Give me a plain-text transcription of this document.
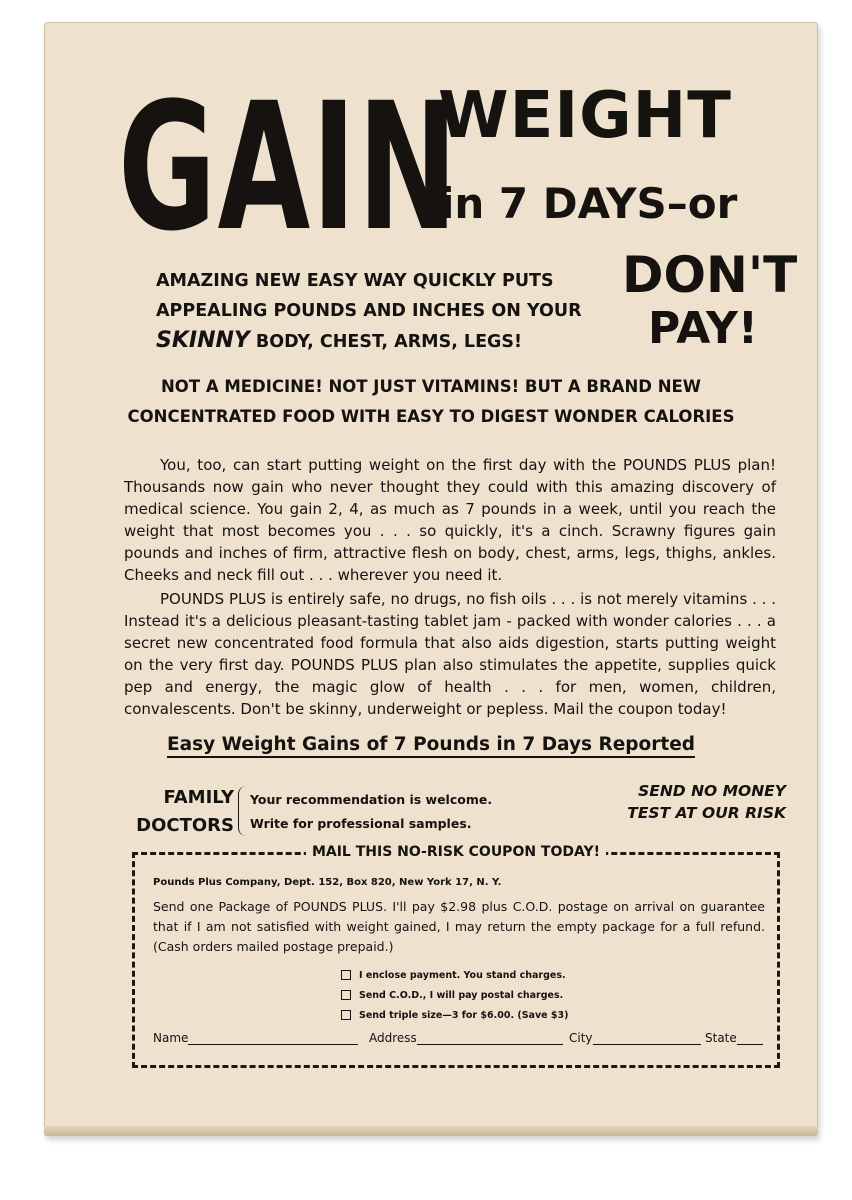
GAIN
WEIGHT
in 7 DAYS–or
AMAZING NEW EASY WAY QUICKLY PUTS
APPEALING POUNDS AND INCHES ON YOUR
SKINNY BODY, CHEST, ARMS, LEGS!
DON'T
PAY!
NOT A MEDICINE! NOT JUST VITAMINS! BUT A BRAND NEW
CONCENTRATED FOOD WITH EASY TO DIGEST WONDER CALORIES
You, too, can start putting weight on the first day with the POUNDS PLUS plan! Thousands now gain who never thought they could with this amazing discovery of medical science. You gain 2, 4, as much as 7 pounds in a week, until you reach the weight that most becomes you . . . so quickly, it's a cinch. Scrawny figures gain pounds and inches of firm, attractive flesh on body, chest, arms, legs, thighs, ankles. Cheeks and neck fill out . . . wherever you need it.
POUNDS PLUS is entirely safe, no drugs, no fish oils . . . is not merely vitamins . . . Instead it's a delicious pleasant-tasting tablet jam - packed with wonder calories . . . a secret new concentrated food formula that also aids digestion, starts putting weight on the very first day. POUNDS PLUS plan also stimulates the appetite, supplies quick pep and energy, the magic glow of health . . . for men, women, children, convalescents. Don't be skinny, underweight or pepless. Mail the coupon today!
Easy Weight Gains of 7 Pounds in 7 Days Reported
FAMILY
DOCTORS
Your recommendation is welcome.
Write for professional samples.
SEND NO MONEY
TEST AT OUR RISK
MAIL THIS NO-RISK COUPON TODAY!
Pounds Plus Company, Dept. 152, Box 820, New York 17, N. Y.
Send one Package of POUNDS PLUS. I'll pay $2.98 plus C.O.D. postage on arrival on guarantee that if I am not satisfied with weight gained, I may return the empty package for a full refund. (Cash orders mailed postage prepaid.)
I enclose payment. You stand charges.
Send C.O.D., I will pay postal charges.
Send triple size—3 for $6.00. (Save $3)
Name	Address	City	State
